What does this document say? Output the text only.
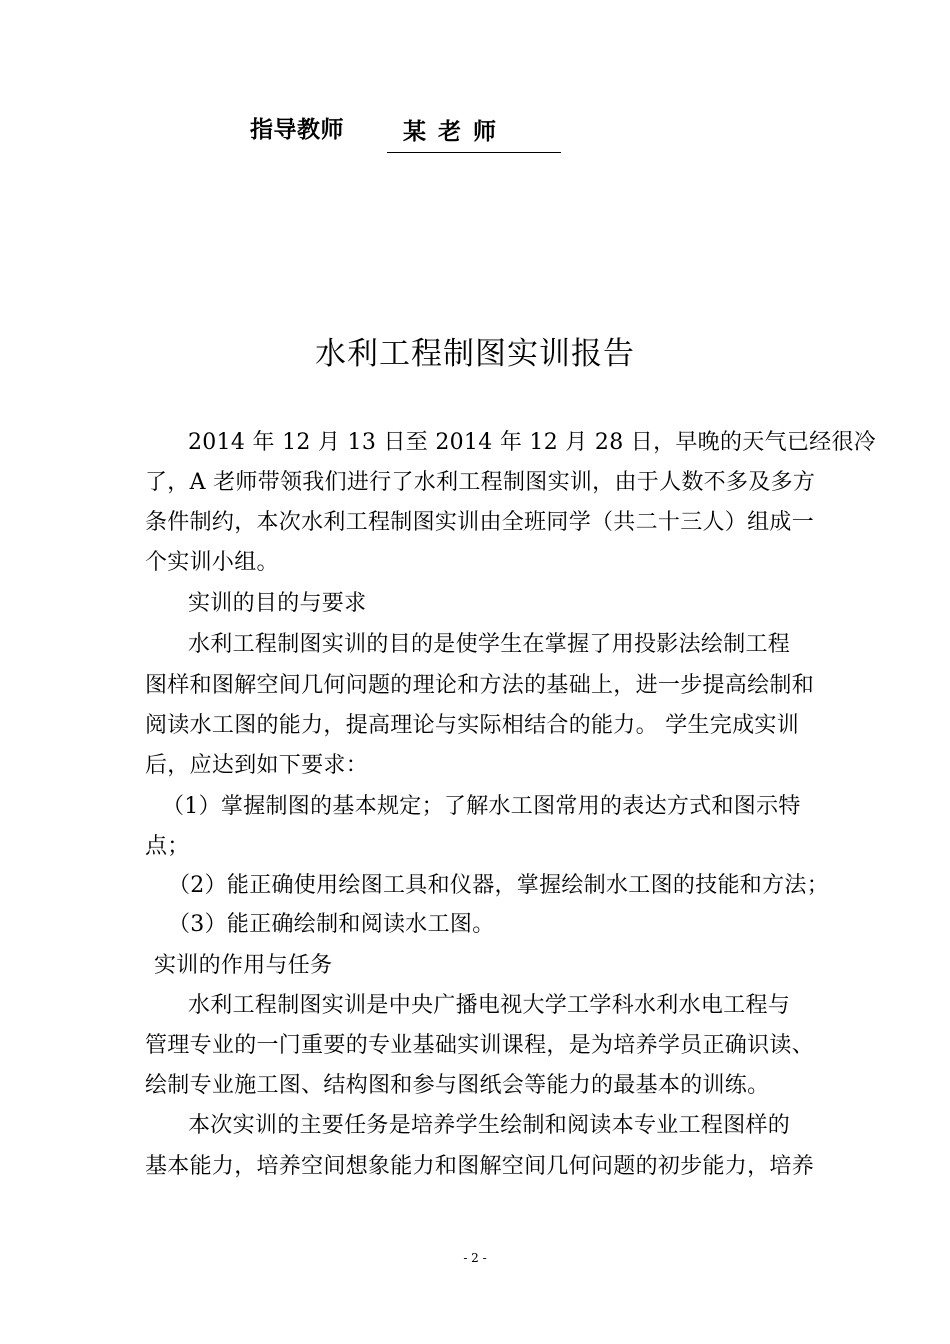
指导教师	某老师
水利工程制图实训报告
2014 年 12 月 13 日至 2014 年 12 月 28 日，早晚的天气已经很冷
了，A 老师带领我们进行了水利工程制图实训，由于人数不多及多方
条件制约，本次水利工程制图实训由全班同学（共二十三人）组成一
个实训小组。
实训的目的与要求
水利工程制图实训的目的是使学生在掌握了用投影法绘制工程
图样和图解空间几何问题的理论和方法的基础上，进一步提高绘制和
阅读水工图的能力，提高理论与实际相结合的能力。 学生完成实训
后，应达到如下要求：
（1）掌握制图的基本规定；了解水工图常用的表达方式和图示特
点；
（2）能正确使用绘图工具和仪器，掌握绘制水工图的技能和方法；
（3）能正确绘制和阅读水工图。
实训的作用与任务
水利工程制图实训是中央广播电视大学工学科水利水电工程与
管理专业的一门重要的专业基础实训课程，是为培养学员正确识读、
绘制专业施工图、结构图和参与图纸会等能力的最基本的训练。
本次实训的主要任务是培养学生绘制和阅读本专业工程图样的
基本能力，培养空间想象能力和图解空间几何问题的初步能力，培养
- 2 -
